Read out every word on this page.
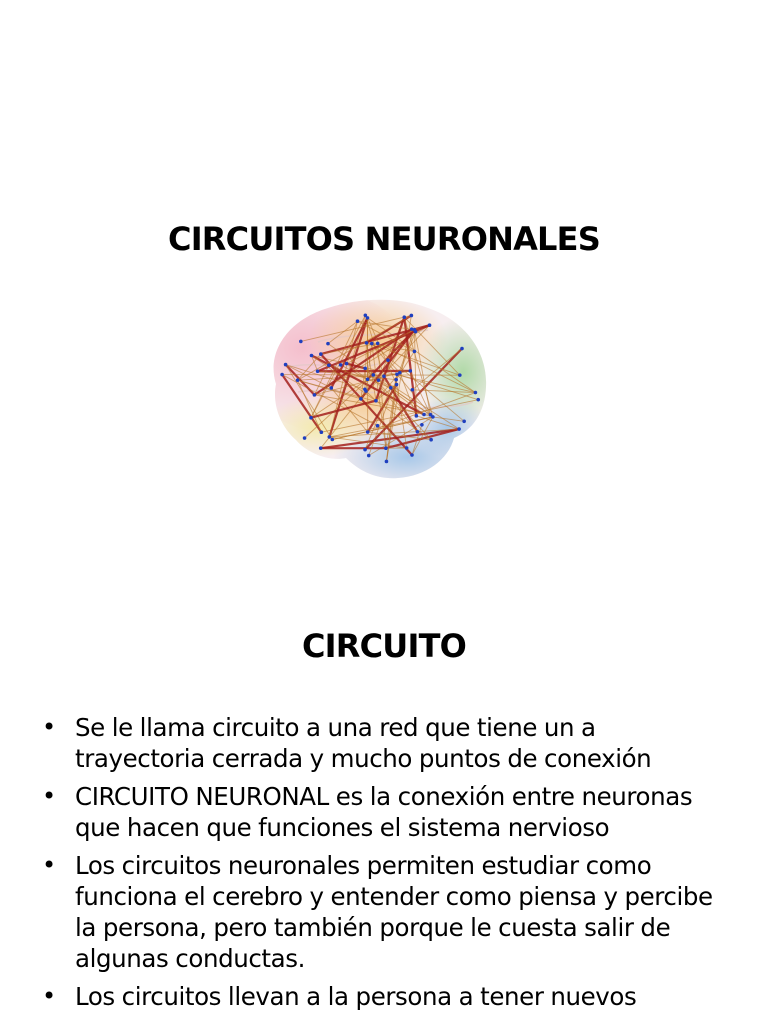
CIRCUITOS NEURONALES
CIRCUITO
• Se le llama circuito a una red que tiene un a trayectoria cerrada y mucho puntos de conexión
• CIRCUITO NEURONAL es la conexión entre neuronas que hacen que funciones el sistema nervioso
• Los circuitos neuronales permiten estudiar como funciona el cerebro y entender como piensa y percibe la persona, pero también porque le cuesta salir de algunas conductas.
• Los circuitos llevan a la persona a tener nuevos
